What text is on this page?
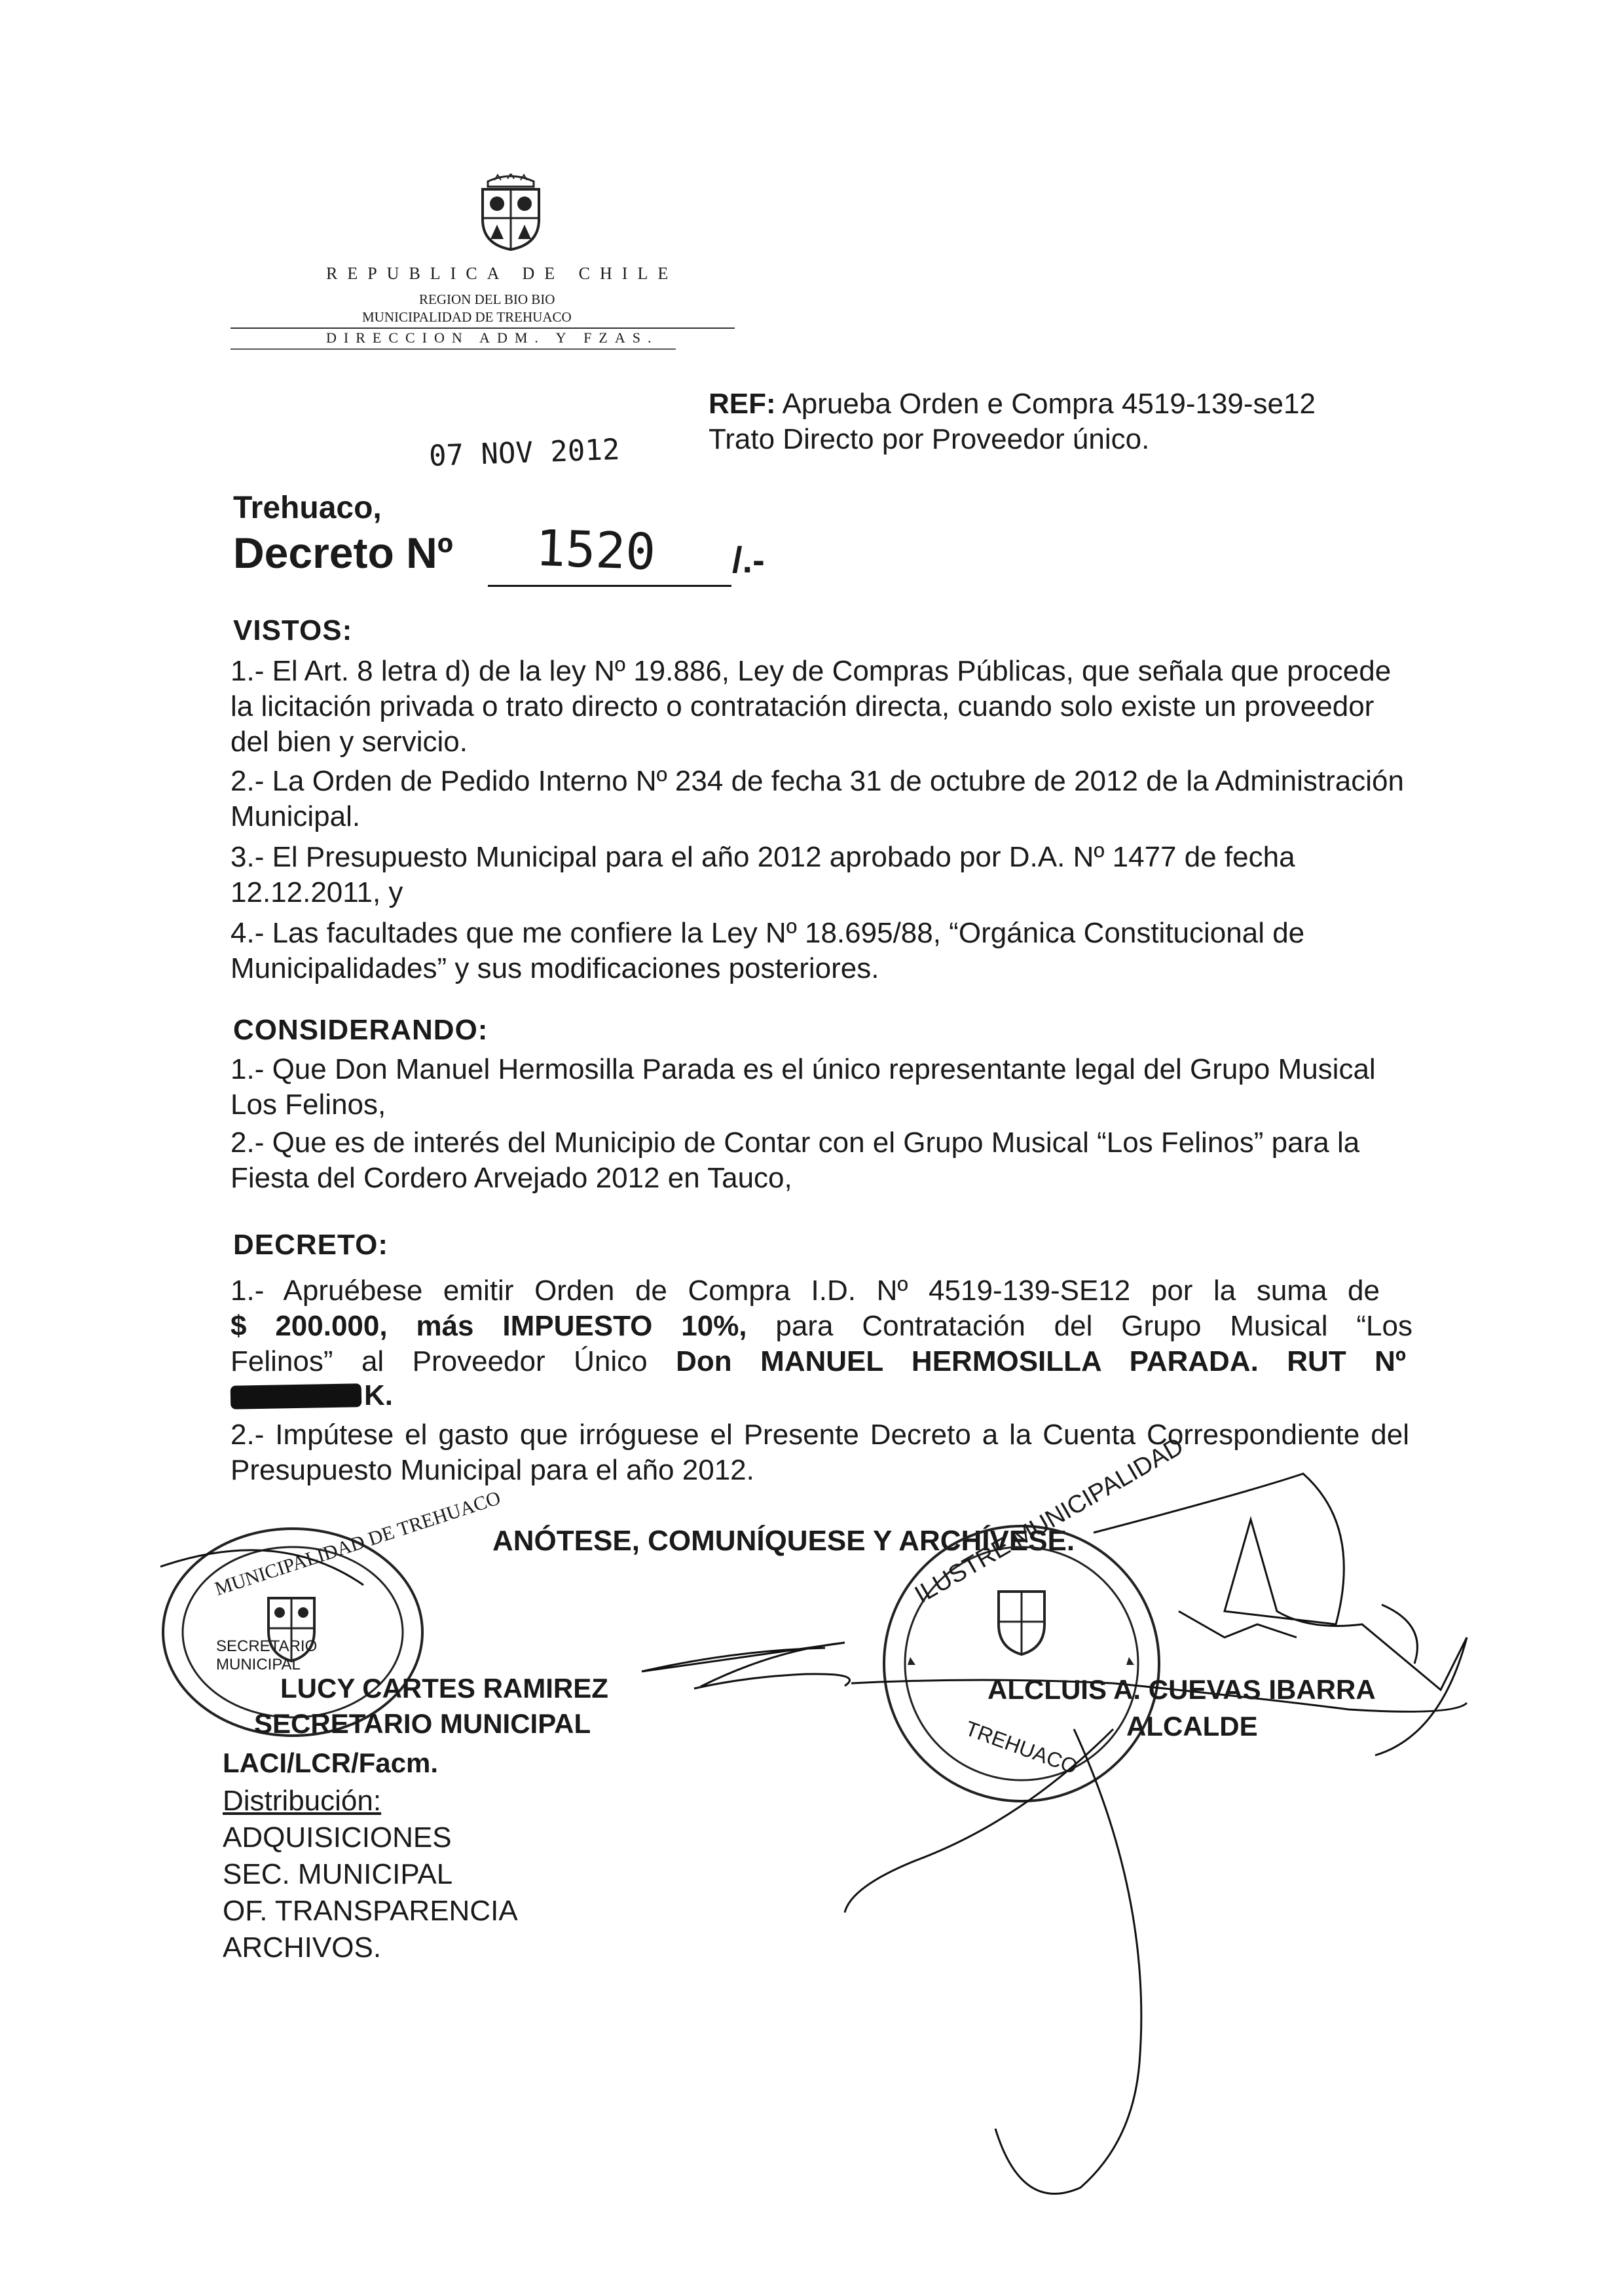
REPUBLICA DE CHILE
REGION DEL BIO BIO
MUNICIPALIDAD DE TREHUACO
DIRECCION ADM. Y FZAS.
07 NOV 2012
REF: Aprueba Orden e Compra 4519-139-se12
Trato Directo por Proveedor único.
Trehuaco,
Decreto Nº 1520 /.-
VISTOS:

1.- El Art. 8 letra d) de la ley Nº 19.886, Ley de Compras Públicas, que señala que procede la licitación privada o trato directo o contratación directa, cuando solo existe un proveedor del bien y servicio.

2.- La Orden de Pedido Interno Nº 234 de fecha 31 de octubre de 2012 de la Administración Municipal.

3.- El Presupuesto Municipal para el año 2012 aprobado por D.A. Nº 1477 de fecha 12.12.2011, y

4.- Las facultades que me confiere la Ley Nº 18.695/88, “Orgánica Constitucional de Municipalidades” y sus modificaciones posteriores.

CONSIDERANDO:

1.- Que Don Manuel Hermosilla Parada es el único representante legal del Grupo Musical Los Felinos,

2.- Que es de interés del Municipio de Contar con el Grupo Musical “Los Felinos” para la Fiesta del Cordero Arvejado 2012 en Tauco,

DECRETO:
1.- Apruébese emitir Orden de Compra I.D. Nº 4519-139-SE12 por la suma de
$ 200.000, más IMPUESTO 10%, para Contratación del Grupo Musical “Los
Felinos” al Proveedor Único Don MANUEL HERMOSILLA PARADA. RUT Nº
K.

2.- Impútese el gasto que irróguese el Presente Decreto a la Cuenta Correspondiente del Presupuesto Municipal para el año 2012.

ANÓTESE, COMUNÍQUESE Y ARCHÍVESE.
MUNICIPALIDAD DE TREHUACO
SECRETARIO MUNICIPAL
ILUSTRE MUNICIPALIDAD
TREHUACO
LUCY CARTES RAMIREZ
SECRETARIO MUNICIPAL
ALCLUIS A. CUEVAS IBARRA
ALCALDE
LACI/LCR/Facm.
Distribución:
ADQUISICIONES
SEC. MUNICIPAL
OF. TRANSPARENCIA
ARCHIVOS.
